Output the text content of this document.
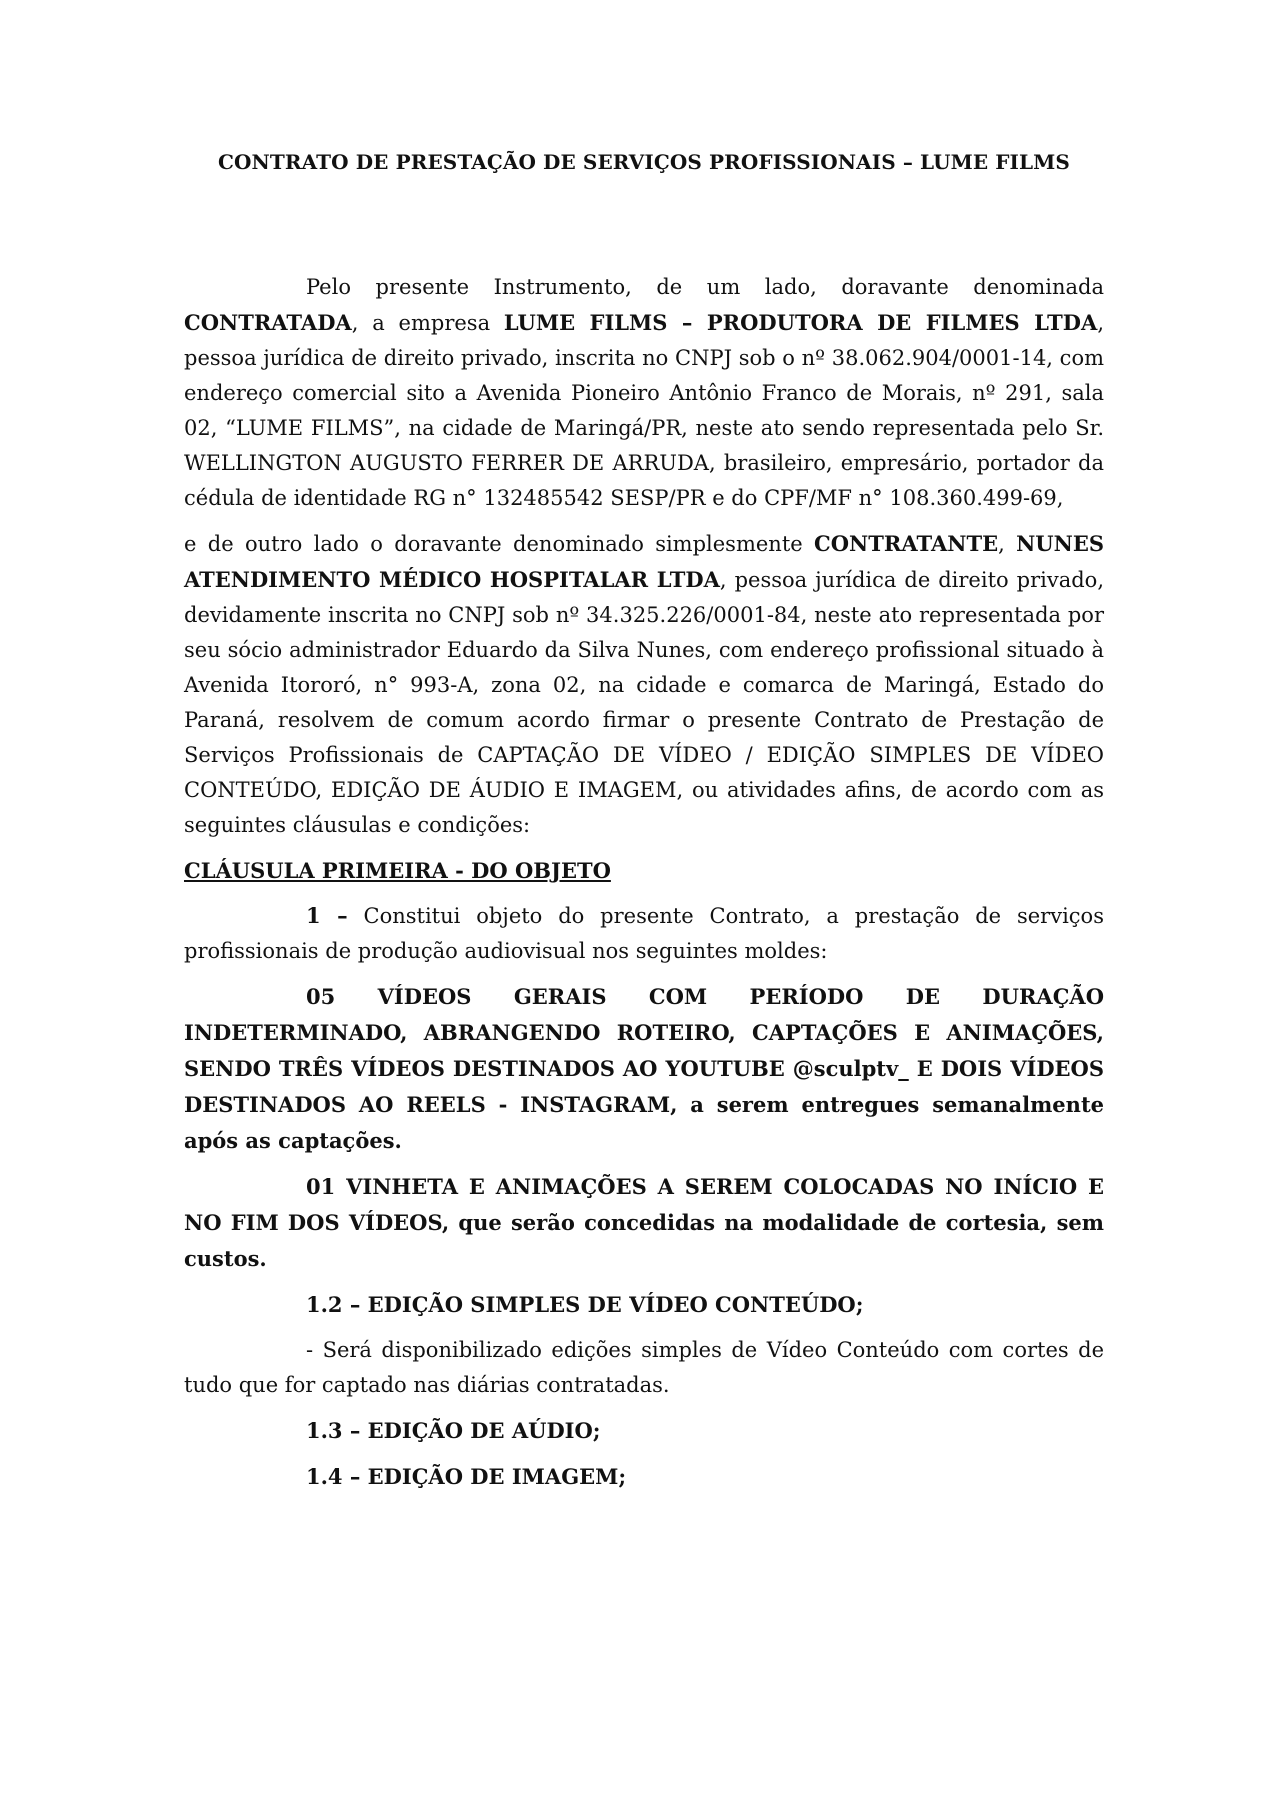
CONTRATO DE PRESTAÇÃO DE SERVIÇOS PROFISSIONAIS – LUME FILMS

Pelo presente Instrumento, de um lado, doravante denominada CONTRATADA, a empresa LUME FILMS – PRODUTORA DE FILMES LTDA, pessoa jurídica de direito privado, inscrita no CNPJ sob o nº 38.062.904/0001-14, com endereço comercial sito a Avenida Pioneiro Antônio Franco de Morais, nº 291, sala 02, “LUME FILMS”, na cidade de Maringá/PR, neste ato sendo representada pelo Sr. WELLINGTON AUGUSTO FERRER DE ARRUDA, brasileiro, empresário, portador da cédula de identidade RG n° 132485542 SESP/PR e do CPF/MF n° 108.360.499-69,

e de outro lado o doravante denominado simplesmente CONTRATANTE, NUNES ATENDIMENTO MÉDICO HOSPITALAR LTDA, pessoa jurídica de direito privado, devidamente inscrita no CNPJ sob nº 34.325.226/0001-84, neste ato representada por seu sócio administrador Eduardo da Silva Nunes, com endereço profissional situado à Avenida Itororó, n° 993-A, zona 02, na cidade e comarca de Maringá, Estado do Paraná, resolvem de comum acordo firmar o presente Contrato de Prestação de Serviços Profissionais de CAPTAÇÃO DE VÍDEO / EDIÇÃO SIMPLES DE VÍDEO CONTEÚDO, EDIÇÃO DE ÁUDIO E IMAGEM, ou atividades afins, de acordo com as seguintes cláusulas e condições:

CLÁUSULA PRIMEIRA - DO OBJETO

1 – Constitui objeto do presente Contrato, a prestação de serviços profissionais de produção audiovisual nos seguintes moldes:

05 VÍDEOS GERAIS COM PERÍODO DE DURAÇÃO INDETERMINADO, ABRANGENDO ROTEIRO, CAPTAÇÕES E ANIMAÇÕES, SENDO TRÊS VÍDEOS DESTINADOS AO YOUTUBE @sculptv_ E DOIS VÍDEOS DESTINADOS AO REELS - INSTAGRAM, a serem entregues semanalmente após as captações.

01 VINHETA E ANIMAÇÕES A SEREM COLOCADAS NO INÍCIO E NO FIM DOS VÍDEOS, que serão concedidas na modalidade de cortesia, sem custos.

1.2 – EDIÇÃO SIMPLES DE VÍDEO CONTEÚDO;

- Será disponibilizado edições simples de Vídeo Conteúdo com cortes de tudo que for captado nas diárias contratadas.

1.3 – EDIÇÃO DE AÚDIO;

1.4 – EDIÇÃO DE IMAGEM;
